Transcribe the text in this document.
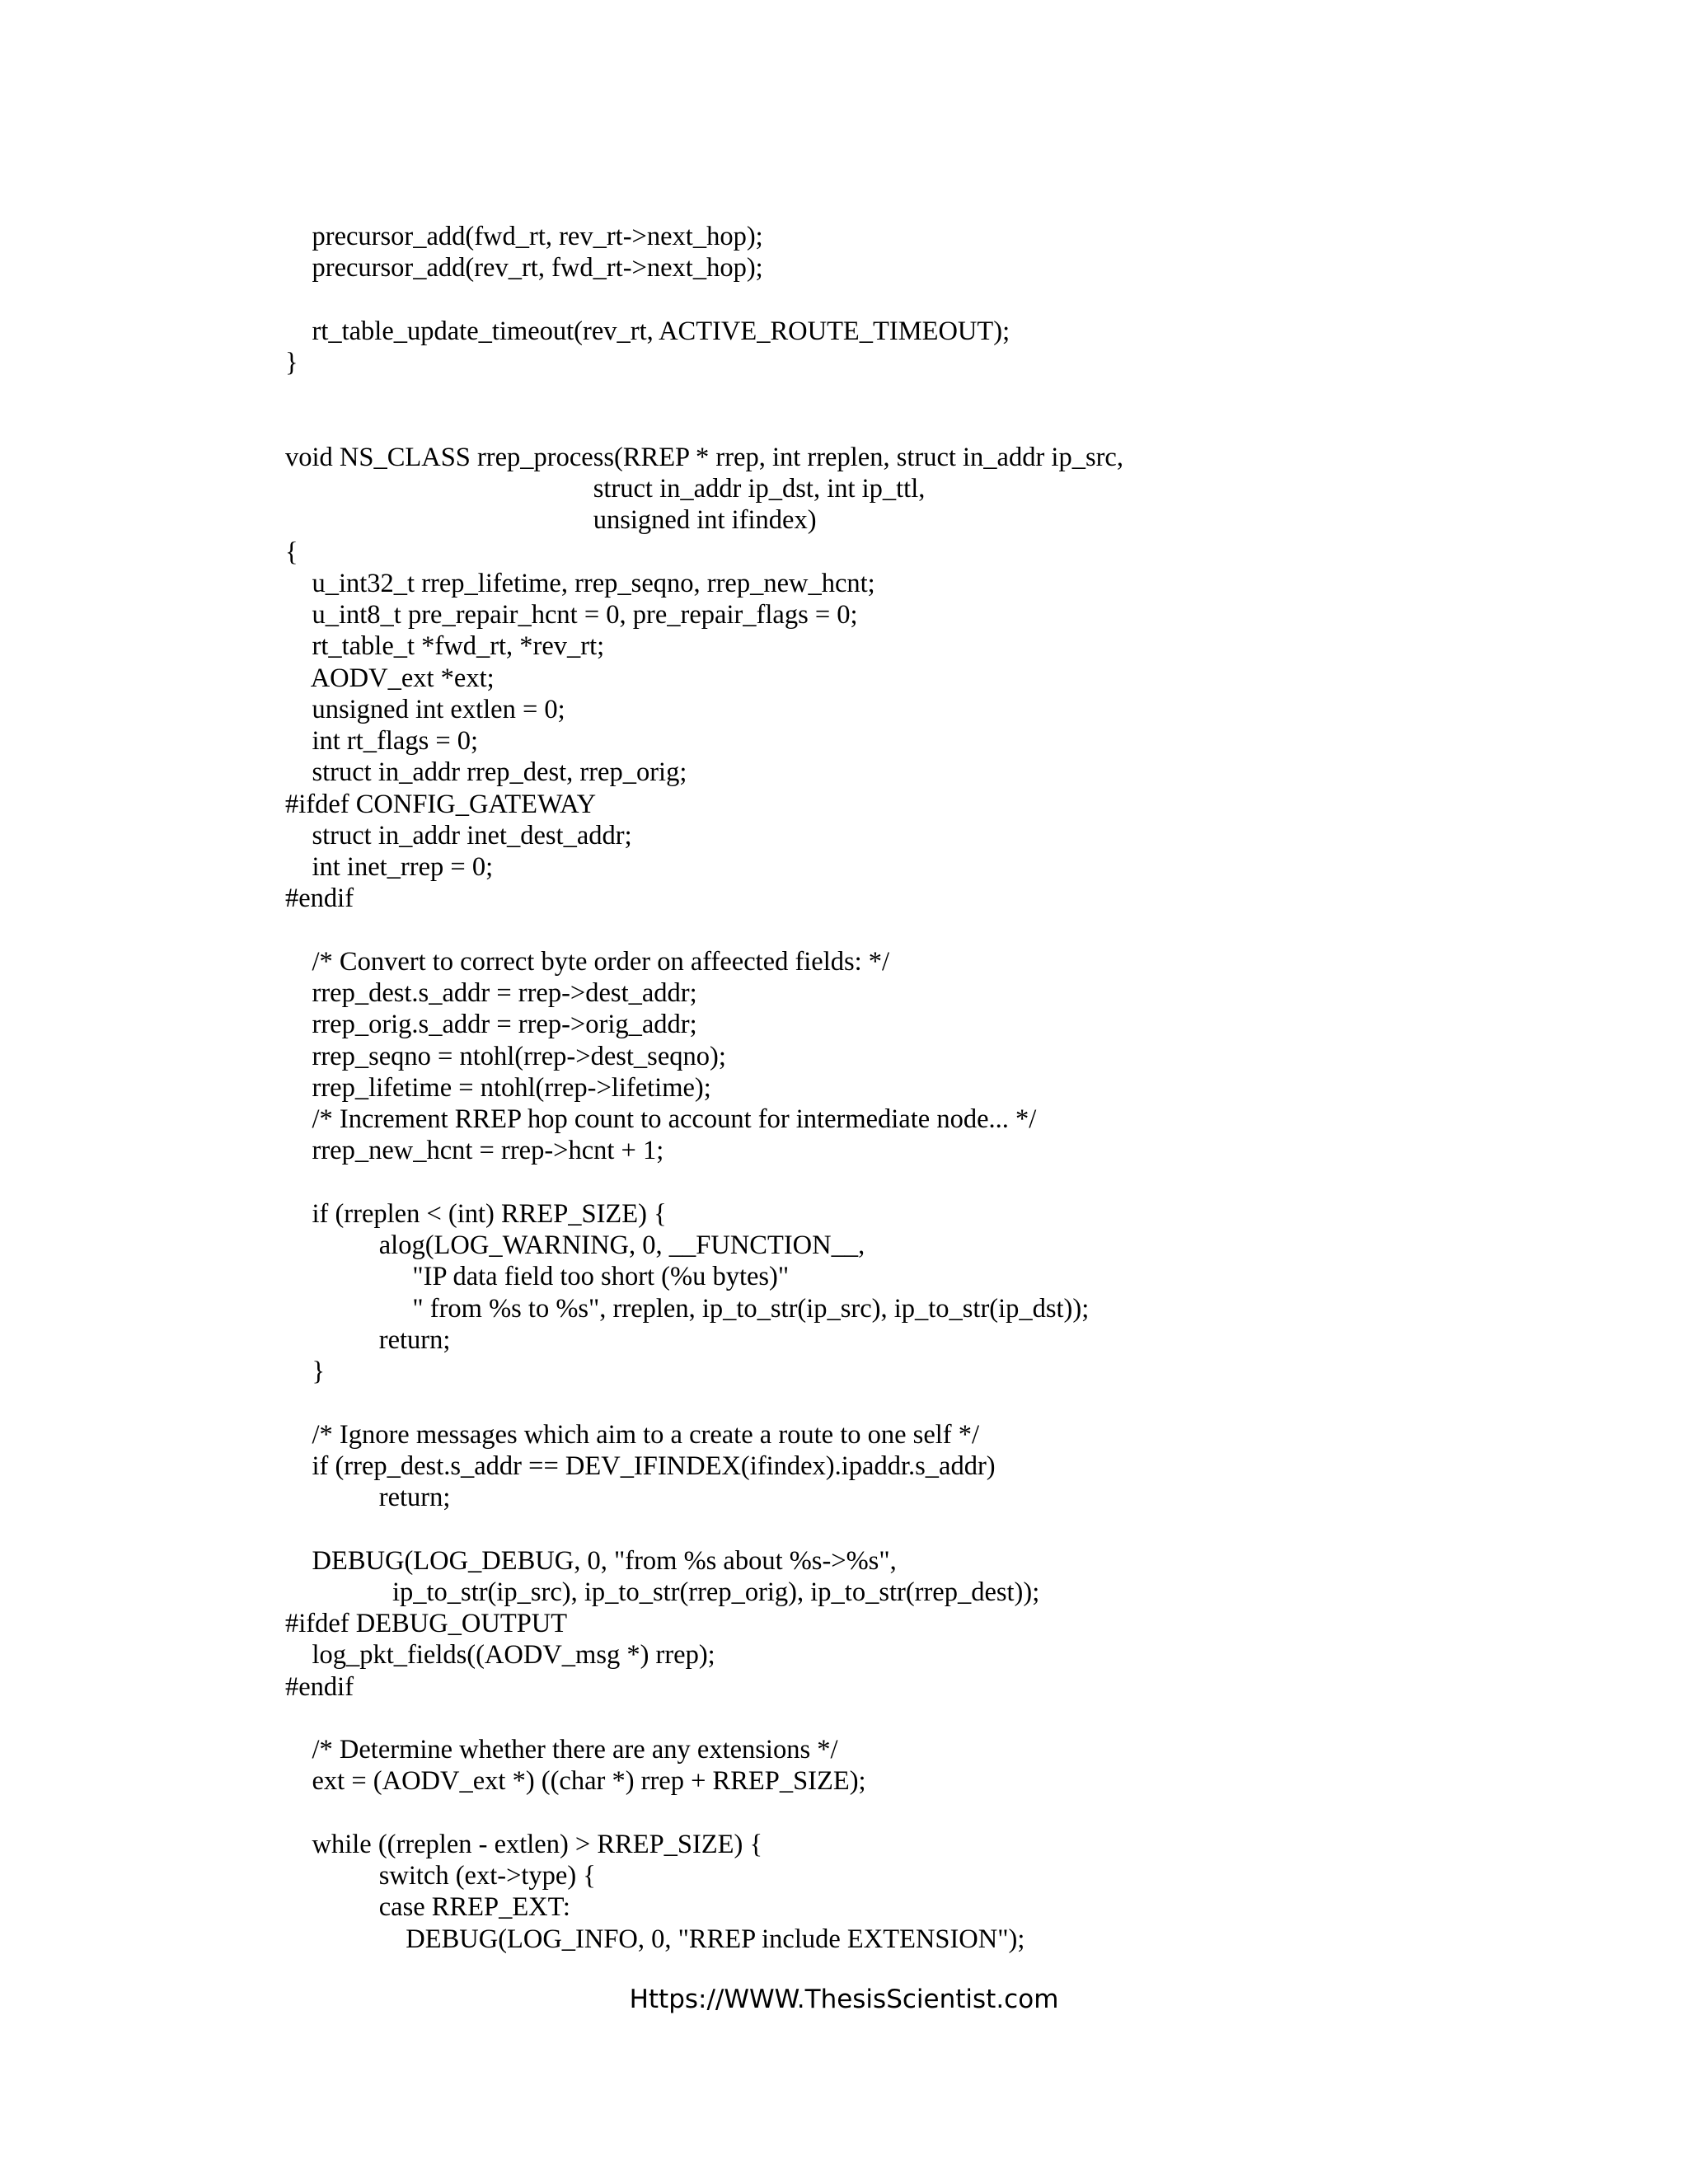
precursor_add(fwd_rt, rev_rt->next_hop);
precursor_add(rev_rt, fwd_rt->next_hop);
rt_table_update_timeout(rev_rt, ACTIVE_ROUTE_TIMEOUT);
}
void NS_CLASS rrep_process(RREP * rrep, int rreplen, struct in_addr ip_src,
struct in_addr ip_dst, int ip_ttl,
unsigned int ifindex)
{
u_int32_t rrep_lifetime, rrep_seqno, rrep_new_hcnt;
u_int8_t pre_repair_hcnt = 0, pre_repair_flags = 0;
rt_table_t *fwd_rt, *rev_rt;
AODV_ext *ext;
unsigned int extlen = 0;
int rt_flags = 0;
struct in_addr rrep_dest, rrep_orig;
#ifdef CONFIG_GATEWAY
struct in_addr inet_dest_addr;
int inet_rrep = 0;
#endif
/* Convert to correct byte order on affeected fields: */
rrep_dest.s_addr = rrep->dest_addr;
rrep_orig.s_addr = rrep->orig_addr;
rrep_seqno = ntohl(rrep->dest_seqno);
rrep_lifetime = ntohl(rrep->lifetime);
/* Increment RREP hop count to account for intermediate node... */
rrep_new_hcnt = rrep->hcnt + 1;
if (rreplen < (int) RREP_SIZE) {
alog(LOG_WARNING, 0, __FUNCTION__,
"IP data field too short (%u bytes)"
" from %s to %s", rreplen, ip_to_str(ip_src), ip_to_str(ip_dst));
return;
}
/* Ignore messages which aim to a create a route to one self */
if (rrep_dest.s_addr == DEV_IFINDEX(ifindex).ipaddr.s_addr)
return;
DEBUG(LOG_DEBUG, 0, "from %s about %s->%s",
ip_to_str(ip_src), ip_to_str(rrep_orig), ip_to_str(rrep_dest));
#ifdef DEBUG_OUTPUT
log_pkt_fields((AODV_msg *) rrep);
#endif
/* Determine whether there are any extensions */
ext = (AODV_ext *) ((char *) rrep + RREP_SIZE);
while ((rreplen - extlen) > RREP_SIZE) {
switch (ext->type) {
case RREP_EXT:
DEBUG(LOG_INFO, 0, "RREP include EXTENSION");
Https://WWW.ThesisScientist.com
